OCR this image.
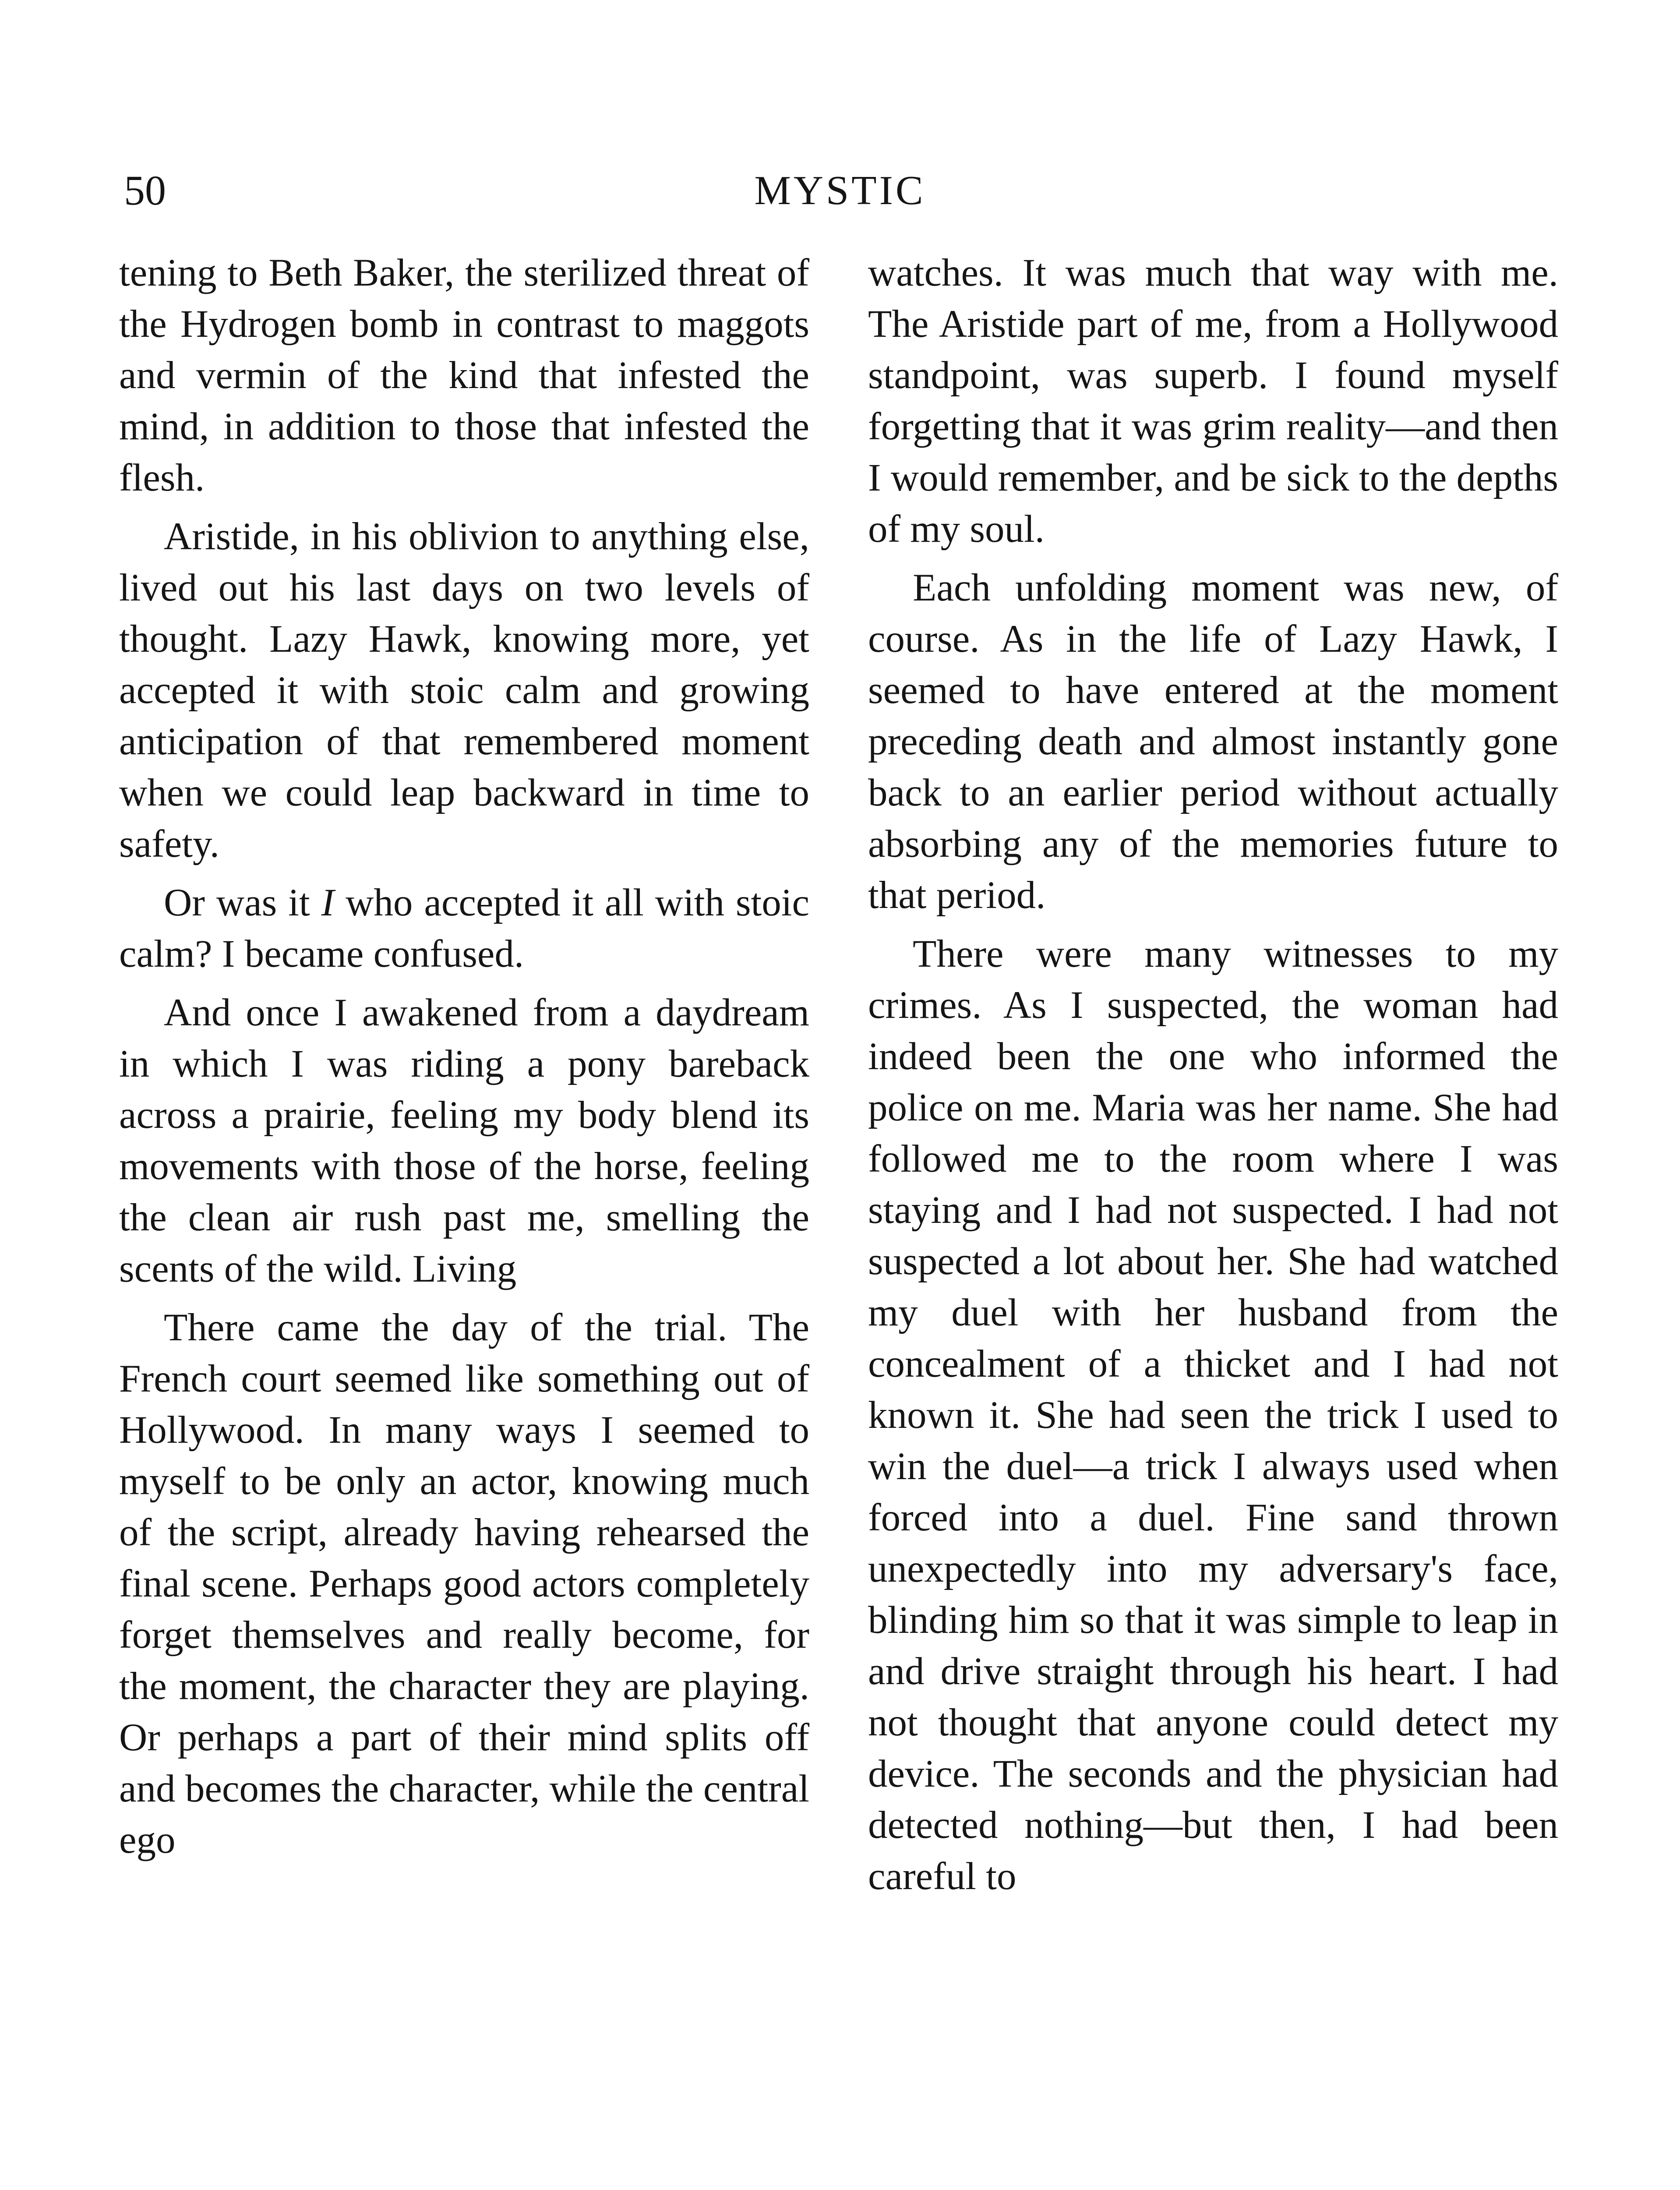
50	MYSTIC

tening to Beth Baker, the sterilized threat of the Hydrogen bomb in contrast to maggots and vermin of the kind that infested the mind, in addition to those that infested the flesh.

Aristide, in his oblivion to anything else, lived out his last days on two levels of thought. Lazy Hawk, knowing more, yet accepted it with stoic calm and growing anticipation of that remembered moment when we could leap backward in time to safety.

Or was it I who accepted it all with stoic calm? I became confused.

And once I awakened from a daydream in which I was riding a pony bareback across a prairie, feeling my body blend its movements with those of the horse, feeling the clean air rush past me, smelling the scents of the wild. Living

There came the day of the trial. The French court seemed like something out of Hollywood. In many ways I seemed to myself to be only an actor, knowing much of the script, already having rehearsed the final scene. Perhaps good actors completely forget themselves and really become, for the moment, the character they are playing. Or perhaps a part of their mind splits off and becomes the character, while the central ego

watches. It was much that way with me. The Aristide part of me, from a Hollywood standpoint, was superb. I found myself forgetting that it was grim reality—and then I would remember, and be sick to the depths of my soul.

Each unfolding moment was new, of course. As in the life of Lazy Hawk, I seemed to have entered at the moment preceding death and almost instantly gone back to an earlier period without actually absorbing any of the memories future to that period.

There were many witnesses to my crimes. As I suspected, the woman had indeed been the one who informed the police on me. Maria was her name. She had followed me to the room where I was staying and I had not suspected. I had not suspected a lot about her. She had watched my duel with her husband from the concealment of a thicket and I had not known it. She had seen the trick I used to win the duel—a trick I always used when forced into a duel. Fine sand thrown unexpectedly into my adversary's face, blinding him so that it was simple to leap in and drive straight through his heart. I had not thought that anyone could detect my device. The seconds and the physician had detected nothing—but then, I had been careful to
